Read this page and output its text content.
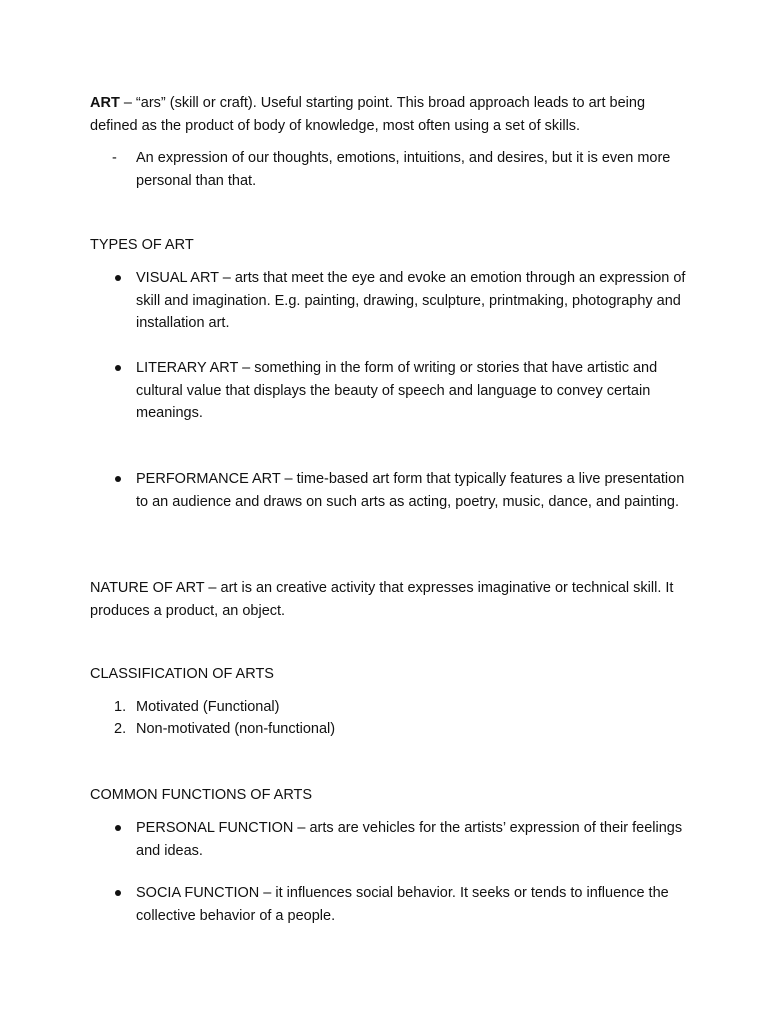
ART – “ars” (skill or craft). Useful starting point. This broad approach leads to art being defined as the product of body of knowledge, most often using a set of skills.

-	An expression of our thoughts, emotions, intuitions, and desires, but it is even more personal than that.

TYPES OF ART

VISUAL ART – arts that meet the eye and evoke an emotion through an expression of skill and imagination. E.g. painting, drawing, sculpture, printmaking, photography and installation art.

LITERARY ART – something in the form of writing or stories that have artistic and cultural value that displays the beauty of speech and language to convey certain meanings.

PERFORMANCE ART – time-based art form that typically features a live presentation to an audience and draws on such arts as acting, poetry, music, dance, and painting.

NATURE OF ART – art is an creative activity that expresses imaginative or technical skill. It produces a product, an object.

CLASSIFICATION OF ARTS

1. Motivated (Functional)

2. Non-motivated (non-functional)

COMMON FUNCTIONS OF ARTS

PERSONAL FUNCTION – arts are vehicles for the artists’ expression of their feelings and ideas.

SOCIA FUNCTION – it influences social behavior. It seeks or tends to influence the collective behavior of a people.
